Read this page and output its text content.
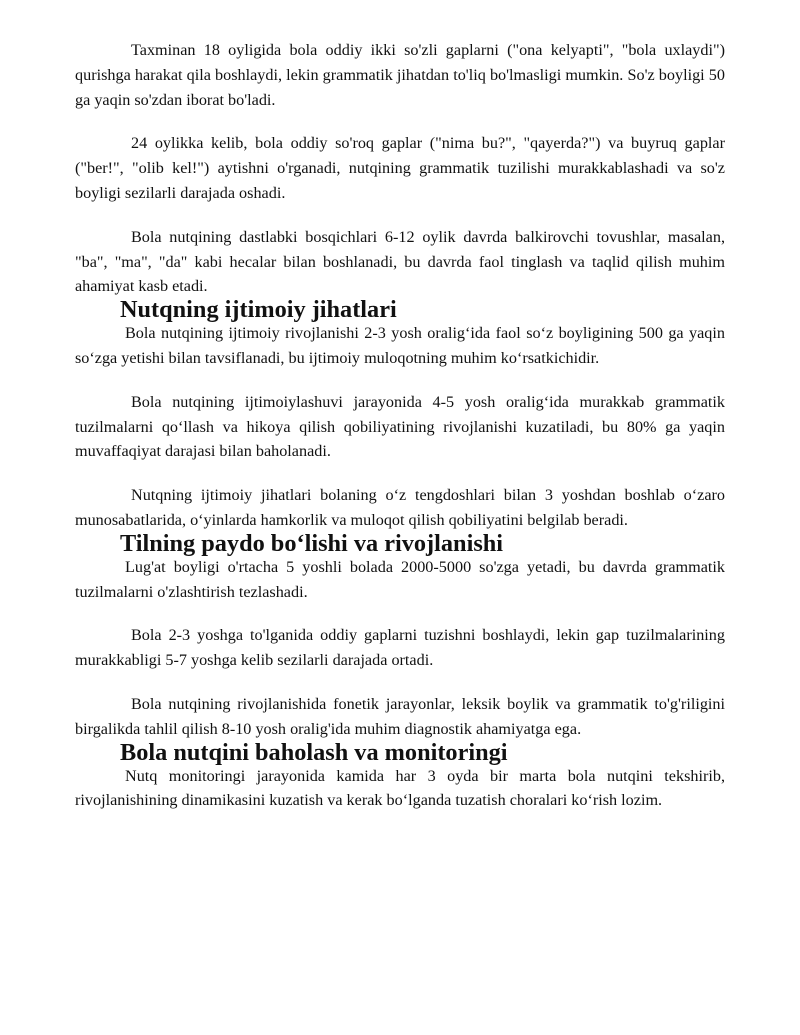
Taxminan 18 oyligida bola oddiy ikki so'zli gaplarni ("ona kelyapti", "bola uxlaydi") qurishga harakat qila boshlaydi, lekin grammatik jihatdan to'liq bo'lmasligi mumkin. So'z boyligi 50 ga yaqin so'zdan iborat bo'ladi.

24 oylikka kelib, bola oddiy so'roq gaplar ("nima bu?", "qayerda?") va buyruq gaplar ("ber!", "olib kel!") aytishni o'rganadi, nutqining grammatik tuzilishi murakkablashadi va so'z boyligi sezilarli darajada oshadi.

Bola nutqining dastlabki bosqichlari 6-12 oylik davrda balkirovchi tovushlar, masalan, "ba", "ma", "da" kabi hecalar bilan boshlanadi, bu davrda faol tinglash va taqlid qilish muhim ahamiyat kasb etadi.

Nutqning ijtimoiy jihatlari

Bola nutqining ijtimoiy rivojlanishi 2-3 yosh oralig‘ida faol so‘z boyligining 500 ga yaqin so‘zga yetishi bilan tavsiflanadi, bu ijtimoiy muloqotning muhim ko‘rsatkichidir.

Bola nutqining ijtimoiylashuvi jarayonida 4-5 yosh oralig‘ida murakkab grammatik tuzilmalarni qo‘llash va hikoya qilish qobiliyatining rivojlanishi kuzatiladi, bu 80% ga yaqin muvaffaqiyat darajasi bilan baholanadi.

Nutqning ijtimoiy jihatlari bolaning o‘z tengdoshlari bilan 3 yoshdan boshlab o‘zaro munosabatlarida, o‘yinlarda hamkorlik va muloqot qilish qobiliyatini belgilab beradi.

Tilning paydo bo‘lishi va rivojlanishi

Lug'at boyligi o'rtacha 5 yoshli bolada 2000-5000 so'zga yetadi, bu davrda grammatik tuzilmalarni o'zlashtirish tezlashadi.

Bola 2-3 yoshga to'lganida oddiy gaplarni tuzishni boshlaydi, lekin gap tuzilmalarining murakkabligi 5-7 yoshga kelib sezilarli darajada ortadi.

Bola nutqining rivojlanishida fonetik jarayonlar, leksik boylik va grammatik to'g'riligini birgalikda tahlil qilish 8-10 yosh oralig'ida muhim diagnostik ahamiyatga ega.

Bola nutqini baholash va monitoringi

Nutq monitoringi jarayonida kamida har 3 oyda bir marta bola nutqini tekshirib, rivojlanishining dinamikasini kuzatish va kerak bo‘lganda tuzatish choralari ko‘rish lozim.
